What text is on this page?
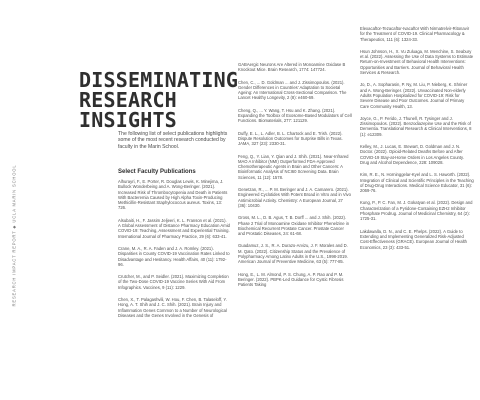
RESEARCH IMPACT REPORT ◆ UCLA MARIN SCHOOL
DISSEMINATING
RESEARCH
INSIGHTS
The following list of select publications highlights some of the most recent research conducted by faculty in the Marin School.
Select Faculty Publications
Alhurayri, F., E. Porter, R. Douglas Lewis, K. Minejima, J. Bullock Wonderbeing and A. Wong-Beringer. (2021). Increased Risk of Thrombocytopenia and Death in Patients With Bacteremia Caused by High Alpha Toxin-Producing Methicillin-Resistant Staphylococcus aureus. Toxins, 13: 726.
Alsubaiti, H., F. Jassim Jeljeeri, K. L. Franson et al. (2021). A Global Assessment of Distance Pharmacy Education Amid COVID-19: Teaching, Assessment and Experiential Training. International Journal of Pharmacy Practice, 29 (6): 633-41.
Crane, M. A., R. A. Faden and J. A. Romley. (2021). Disparities in County COVID-19 Vaccination Rates Linked to Disadvantage and Hesitancy. Health Affairs, 40 (11): 1792-96.
Crutcher, M., and P. Seidler. (2021). Maximizing Completion of the Two-Dose COVID-19 Vaccine Series With Aid From Infographics. Vaccines, 9 (11): 1229.
Chen, X., T. Palagashvili, W. Hou, F. Chen, B. Talaseloff, Y. Hong, A. T. Shih and J. C. Shih. (2021). Brain Injury and Inflammation Genes Common to a Number of Neurological Diseases and the Genes Involved in the Genesis of
GABAergic Neurons Are Altered in Monoamine Oxidase B Knockout Mice. Brain Research, 1774: 147724.
Chen, C., ... D. Goldman ... and J. Zissimopoulos. (2021). Gender Differences in Countries' Adaptation to Societal Ageing: An International Cross-Sectional Comparison. The Lancet Healthy Longevity, 2 (8): e460-69.
Cheng, Q., ... Y. Wang, T. Hsu and K. Zhang. (2021). Expanding the Toolbox of Exosome-Based Modulators of Cell Functions. Biomaterials, 277: 121129.
Duffy, E. L., L. Adler, B. L. Chartock and E. Trish. (2022). Dispute Resolution Outcomes for Surprise Bills in Texas. JAMA, 327 (23): 2330-31.
Feng, Q., Y. Lian, Y. Qian and J. Shih. (2021). Near-Infrared MAO A Inhibitor (NMI) Outperformed FDA-Approved Chemotherapeutic Agents in Brain and Other Cancers: A Bioinformatic Analysis of NCI60 Screening Data. Brain Sciences, 11 (12): 1578.
Genetzan, R., ... P. M. Beringer and J. A. Camarero. (2021). Engineered Cyclotides With Potent Broad in Vitro and in Vivo Antimicrobial Activity. Chemistry: A European Journal, 27 (36): 10430.
Gross, M. L., D. B. Agus, T. B. Dorff ... and J. Shih. (2022). Phase 2 Trial of Monoamine Oxidase Inhibitor Phenelzine in Biochemical Recurrent Prostate Cancer. Prostate Cancer and Prostatic Diseases, 24: 61-68.
Guadamuz, J. S., R. A. Durazo-Arvizu, J. F. Morales and D. M. Qato. (2022). Citizenship Status and the Prevalence of Polypharmacy Among Latinx Adults in the U.S., 1998-2019. American Journal of Preventive Medicine, 63 (5): 777-85.
Hong, E., L. M. Almond, P. S. Chung, A. P. Rao and P. M. Beringer. (2022). PBPK-Led Guidance for Cystic Fibrosis Patients Taking
Elexacaftor-Tezacaftor-Ivacaftor With Nirmatrelvir-Ritonavir for the Treatment of COVID-19. Clinical Pharmacology & Therapeutics, 111 (6): 1324-33.
Hsun Johnson, H., X. Vu Zuluaga, M. Menchine, S. Seabury et al. (2022). Assessing the Use of Data Systems to Estimate Return-on-Investment of Behavioral Health Interventions: Opportunities and Barriers. Journal of Behavioral Health Services & Research.
Jo, D., A. Sopharasin, P. Ny, M. Liu, P. Nieberg, K. Shriner and A. Wong-Beringer. (2022). Unvaccinated Non-elderly Adults Population Hospitalized for COVID-19: Risk for Severe Disease and Poor Outcomes. Journal of Primary Care Community Health, 13.
Joyce, G., P. Ferido, J. Thunell, R. Tysinger and J. Zissimopoulos. (2022). Benzodiazepine Use and the Risk of Dementia. Translational Research & Clinical Interventions, 8 (1): e12309.
Kelley, M., J. Lucas, E. Stewart, D. Goldman and J. N. Doctor. (2022). Opioid-Related Deaths Before and After COVID-19 Stay-at-Home Orders in Los Angeles County. Drug and Alcohol Dependence, 228: 109028.
Kim, R. E., N. Horninggelar-Kyel and L. S. Haworth. (2022). Integration of Clinical and Scientific Principles in the Teaching of Drug-Drug Interactions. Medical Science Educator, 31 (6): 2069-76.
Kung, P., P. C. Fan, M. J. Gokatyan et al. (2022). Design and Characterization of a Pyridone-Containing EZH2 Inhibitor Phosphate Prodrug. Journal of Medicinal Chemistry, 64 (2): 1725-31.
Lakdawalla, D. N., and C. E. Phelps. (2022). A Guide to Extending and Implementing Generalized Risk-Adjusted Cost-Effectiveness (GRACE). European Journal of Health Economics, 23 (3): 433-51.
